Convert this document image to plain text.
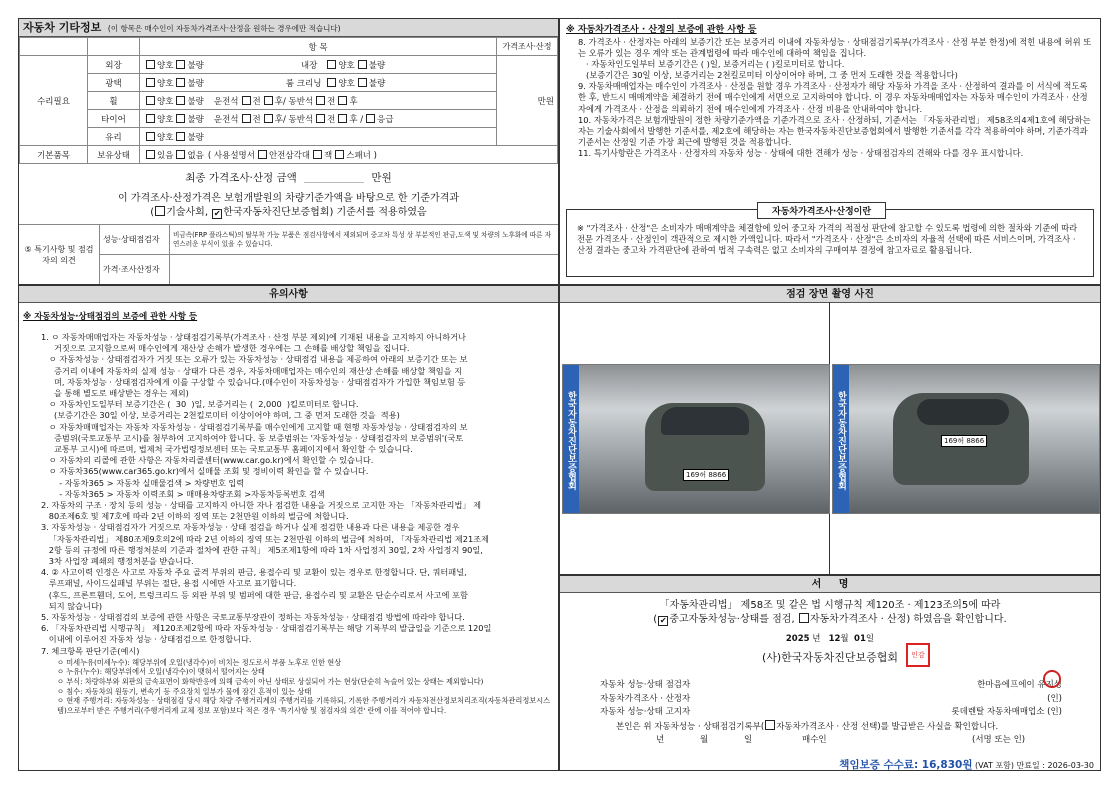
자동차 기타정보 (이 항목은 매수인이 자동차가격조사·산정을 원하는 경우에만 적습니다)
		항 목	가격조사·산정
수리필요	외장	양호 불량 내장 양호 불량	만원
	광택	양호 불량 룸 크리닝 양호 불량	
	휠	양호 불량 운전석 전 후/ 동반석 전 후	
	타이어	양호 불량 운전석 전 후/ 동반석 전 후 / 응급	
	유리	양호 불량	
기본품목	보유상태	있음 없음 ( 사용설명서 안전삼각대 잭 스패너 )	
최종 가격조사·산정 금액	만원
이 가격조사·산정가격은 보험개발원의 차량기준가액을 바탕으로 한 기준가격과
( 기술사회, ✔ 한국자동차진단보증협회) 기준서를 적용하였음
⑤ 특기사항 및 점검자의 의견	성능·상태점검자	비금속(FRP 플라스틱)의 탈부착 가능 부품은 점검사항에서 제외되며 중고차 특성 상 부분적인 판금,도색 및 차량의 노후화에 따른 자연스러운 부식이 있을 수 있습니다.
	가격·조사산정자	
※ 자동차가격조사 · 산정의 보증에 관한 사항 등

8. 가격조사 · 산정자는 아래의 보증기간 또는 보증거리 이내에 자동차성능 · 상태점검기록부(가격조사 · 산정 부분 한정)에 적힌 내용에 허위 또는 오류가 있는 경우 계약 또는 관계법령에 따라 매수인에 대하여 책임을 집니다.

· 자동차인도일부터 보증기간은 ( )일, 보증거리는 ( )킬로미터로 합니다.

(보증기간은 30일 이상, 보증거리는 2천킬로미터 이상이어야 하며, 그 중 먼저 도래한 것을 적용합니다)

9. 자동차매매업자는 매수인이 가격조사 · 산정을 원할 경우 가격조사 · 산정자가 해당 자동차 가격을 조사 · 산정하여 결과를 이 서식에 적도록 한 후, 반드시 매매계약을 체결하기 전에 매수인에게 서면으로 고지하여야 합니다. 이 경우 자동차매매업자는 자동차 매수인이 가격조사 · 산정자에게 가격조사 · 산정을 의뢰하기 전에 매수인에게 가격조사 · 산정 비용을 안내하여야 합니다.

10. 자동차가격은 보험개발원이 정한 차량기준가액을 기준가격으로 조사 · 산정하되, 기준서는 「자동차관리법」 제58조의4제1호에 해당하는 자는 기술사회에서 발행한 기준서를, 제2호에 해당하는 자는 한국자동차진단보증협회에서 발행한 기준서를 각각 적용하여야 하며, 기준가격과 기준서는 산정일 기준 가장 최근에 발행된 것을 적용합니다.

11. 특기사항란은 가격조사 · 산정자의 자동차 성능 · 상태에 대한 견해가 성능 · 상태점검자의 견해와 다를 경우 표시합니다.

자동차가격조사·산정이란

※ "가격조사 · 산정"은 소비자가 매매계약을 체결함에 있어 중고차 가격의 적절성 판단에 참고할 수 있도록 법령에 의한 절차와 기준에 따라 전문 가격조사 · 산정인이 객관적으로 제시한 가액입니다. 따라서 "가격조사 · 산정"은 소비자의 자율적 선택에 따른 서비스이며, 가격조사 · 산정 결과는 중고차 가격판단에 관하여 법적 구속력은 없고 소비자의 구매여부 결정에 참고자료로 활용됩니다.

유의사항
※ 자동차성능·상태점검의 보증에 관한 사항 등

1. ㅇ 자동차매매업자는 자동차성능 · 상태점검기록부(가격조사 · 산정 부분 제외)에 기재된 내용을 고지하지 아니하거나

거짓으로 고지함으로써 매수인에게 재산상 손해가 발생한 경우에는 그 손해를 배상할 책임을 집니다.

ㅇ 자동차성능 · 상태점검자가 거짓 또는 오류가 있는 자동차성능 · 상태점검 내용을 제공하여 아래의 보증기간 또는 보

증거리 이내에 자동차의 실제 성능 · 상태가 다른 경우, 자동차매매업자는 매수인의 재산상 손해를 배상할 책임을 지

며, 자동차성능 · 상태점검자에게 이를 구상할 수 있습니다.(매수인이 자동차성능 · 상태점검자가 가입한 책임보험 등

을 통해 별도로 배상받는 경우는 제외)

ㅇ 자동차인도일부터 보증기간은 (  30  )일, 보증거리는 (  2,000  )킬로미터로 합니다.

(보증기간은 30일 이상, 보증거리는 2천킬로미터 이상이어야 하며, 그 중 먼저 도래한 것을  적용)

ㅇ 자동차매매업자는 자동차 자동차성능 · 상태점검기록부를 매수인에게 고지할 때 현행 자동차성능 · 상태점검자의 보

증범위(국토교통부 고시)를 첨부하여 고지하여야 합니다. 동 보증범위는 '자동차성능 · 상태점검자의 보증범위'(국토

교통부 고시)에 따르며, 법제처 국가법령정보센터 또는 국토교통부 홈페이지에서 확인할 수 있습니다.

ㅇ 자동차의 리콜에 관한 사항은 자동차리콜센터(www.car.go.kr)에서 확인할 수 있습니다.

ㅇ 자동차365(www.car365.go.kr)에서 실매물 조회 및 정비이력 확인을 할 수 있습니다.

- 자동차365 > 자동차 실매물검색 > 차량번호 입력

- 자동차365 > 자동차 이력조회 > 매매용차량조회 >자동차등록번호 검색

2. 자동차의 구조 · 장치 등의 성능 · 상태를 고지하지 아니한 자나 점검한 내용을 거짓으로 고지한 자는 「자동차관리법」 제

80조제6호 및 제7호에 따라 2년 이하의 징역 또는 2천만원 이하의 벌금에 처합니다.

3. 자동차성능 · 상태점검자가 거짓으로 자동차성능 · 상태 점검을 하거나 실제 점검한 내용과 다른 내용을 제공한 경우

「자동차관리법」 제80조제9호의2에 따라 2년 이하의 징역 또는 2천만원 이하의 벌금에 처하며, 「자동차관리법 제21조제

2항 등의 규정에 따른 행정처분의 기준과 절차에 관한 규칙」 제5조제1항에 따라 1차 사업정지 30일, 2차 사업정지 90일,

3차 사업장 폐쇄의 행정처분을 받습니다.

4. ② 사고이력 인정은 사고로 자동차 주요 골격 부위의 판금, 용접수리 및 교환이 있는 경우로 한정합니다. 단, 쿼터패널,

루프패널, 사이드실패널 부위는 절단, 용접 시에만 사고로 표기합니다.

(후드, 프론트휀더, 도어, 트렁크리드 등 외판 부위 및 범퍼에 대한 판금, 용접수리 및 교환은 단순수리로서 사고에 포함

되지 않습니다)

5. 자동차성능 · 상태점검의 보증에 관한 사항은 국토교통부장관이 정하는 자동차성능 · 상태점검 방법에 따라야 합니다.

6. 「자동차관리법 시행규칙」 제120조제2항에 따라 자동차성능 · 상태점검기록부는 해당 기록부의 발급일을 기준으로 120일

이내에 이루어진 자동차 성능 · 상태점검으로 한정합니다.

7. 체크항목 판단기준(예시)

ㅇ 미세누유(미세누수): 해당부위에 오일(냉각수)이 비치는 정도로서 부품 노후로 인한 현상

ㅇ 누유(누수): 해당부위에서 오일(냉각수)이 맺혀서 떨어지는 상태

ㅇ 부식: 차량하부와 외판의 금속표면이 화학반응에 의해 금속이 아닌 상태로 상실되어 가는 현상(단순히 녹슬어 있는 상태는 제외합니다)

ㅇ 침수: 자동차의 원동기, 변속기 등 주요장치 일부가 물에 잠긴 흔적이 있는 상태

ㅇ 현재 주행거리: 자동차성능 · 상태점검 당시 해당 차량 주행거리계의 주행거리를 기록하되, 기록한 주행거리가 자동차전산정보처리조직(자동차관리정보시스템)으로부터 받은 주행거리(주행거리계 교체 정보 포함)보다 적은 경우 '특기사항 및 점검자의 의견' 란에 이를 적어야 합니다.

점검 장면 촬영 사진
한국자동차진단보증협회	169허 8866	한국자동차진단보증협회	169허 8866
서     명
「자동차관리법」 제58조 및 같은 법 시행규칙 제120조 · 제123조의5에 따라
( ✔ 중고자동차성능·상태를 점검, 자동차가격조사 · 산정) 하였음을 확인합니다.
2025 년 12월 01일
(사)한국자동차진단보증협회	인감
자동차 성능·상태 점검자	한마음에프에이 유지성
자동차가격조사 · 산정자	(인)
자동차 성능·상태 고지자	롯데렌탈 자동차매매업소 (인)
본인은 위 자동차성능 · 상태점검기록부( 자동차가격조사 · 산정 선택)를 발급받은 사실을 확인합니다.
년	월	일	매수인	(서명 또는 인)
책임보증 수수료: 16,830원 (VAT 포함) 만료일 : 2026-03-30
